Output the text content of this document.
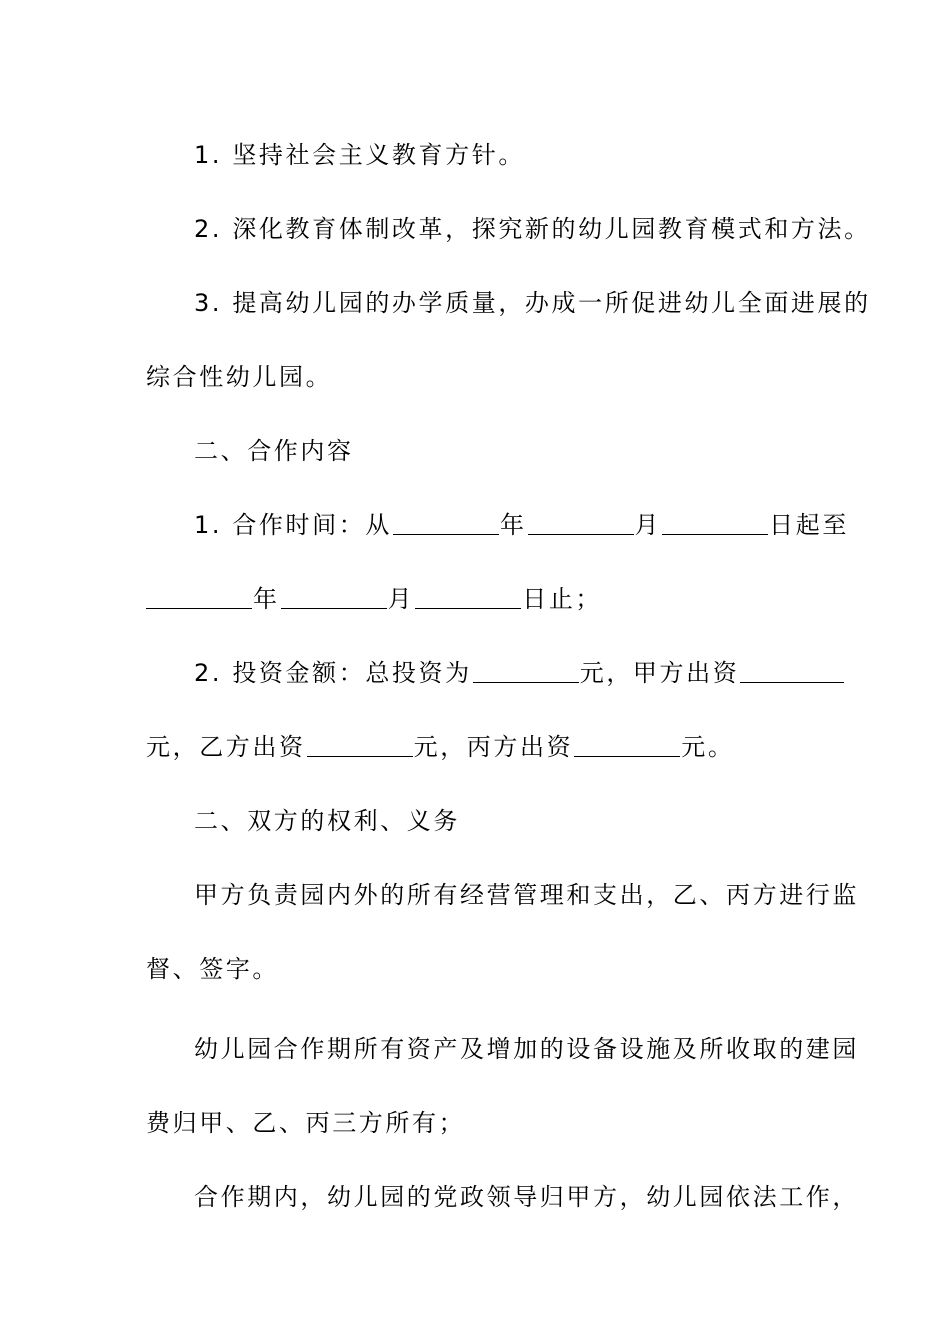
1. 坚持社会主义教育方针。
2. 深化教育体制改革，探究新的幼儿园教育模式和方法。
3. 提高幼儿园的办学质量，办成一所促进幼儿全面进展的
综合性幼儿园。
二、合作内容
1. 合作时间：从	年	月	日起至
年	月	日止；
2. 投资金额：总投资为	元，甲方出资
元，乙方出资	元，丙方出资	元。
二、双方的权利、义务
甲方负责园内外的所有经营管理和支出，乙、丙方进行监
督、签字。
幼儿园合作期所有资产及增加的设备设施及所收取的建园
费归甲、乙、丙三方所有；
合作期内，幼儿园的党政领导归甲方，幼儿园依法工作，
